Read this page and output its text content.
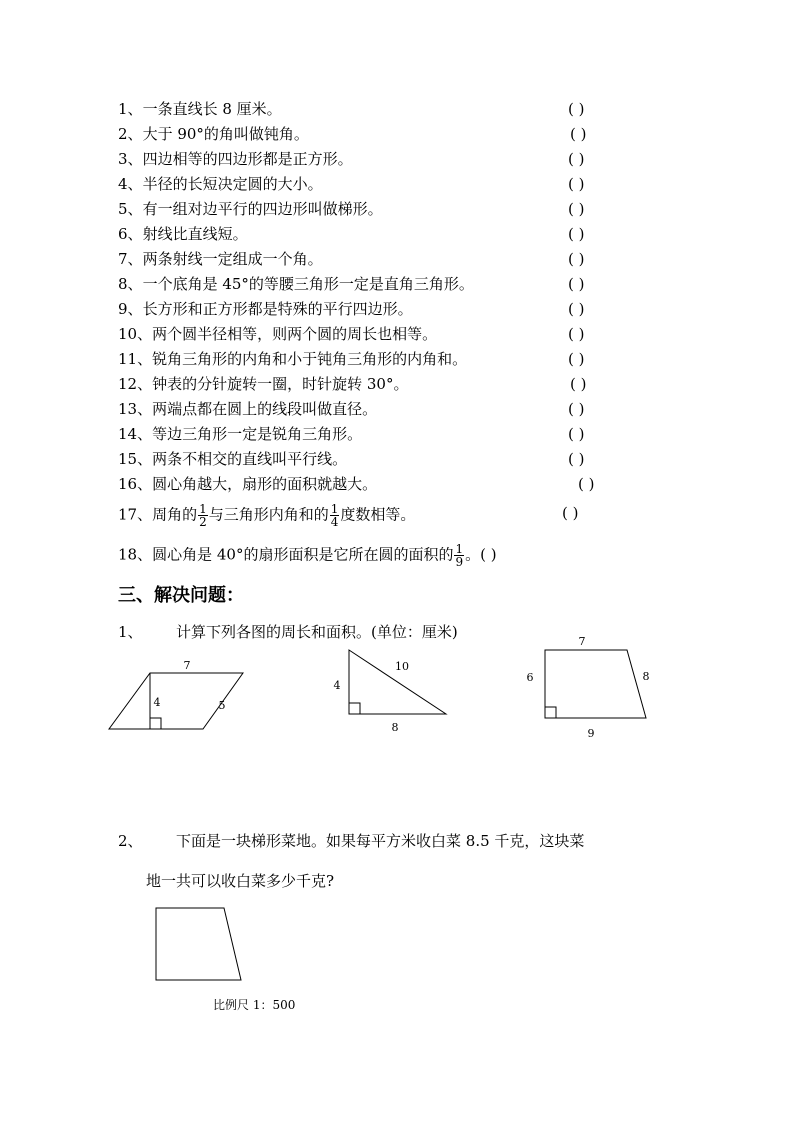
1、一条直线长 8 厘米。	( )
2、大于 90°的角叫做钝角。	( )
3、四边相等的四边形都是正方形。	( )
4、半径的长短决定圆的大小。	( )
5、有一组对边平行的四边形叫做梯形。	( )
6、射线比直线短。	( )
7、两条射线一定组成一个角。	( )
8、一个底角是 45°的等腰三角形一定是直角三角形。	( )
9、长方形和正方形都是特殊的平行四边形。	( )
10、两个圆半径相等，则两个圆的周长也相等。	( )
11、锐角三角形的内角和小于钝角三角形的内角和。	( )
12、钟表的分针旋转一圈，时针旋转 30°。	( )
13、两端点都在圆上的线段叫做直径。	( )
14、等边三角形一定是锐角三角形。	( )
15、两条不相交的直线叫平行线。	( )
16、圆心角越大，扇形的面积就越大。	( )
17、周角的 $\frac{1}{2}$ 与三角形内角和的 $\frac{1}{4}$ 度数相等。	( )
18、圆心角是 40°的扇形面积是它所在圆的面积的 $\frac{1}{9}$ 。( )
三、解决问题：
1、 计算下列各图的周长和面积。(单位：厘米)
7
4	5
4
10
8
7
6	8
9
2、 下面是一块梯形菜地。如果每平方米收白菜 8.5 千克，这块菜
地一共可以收白菜多少千克?
比例尺 1：500
